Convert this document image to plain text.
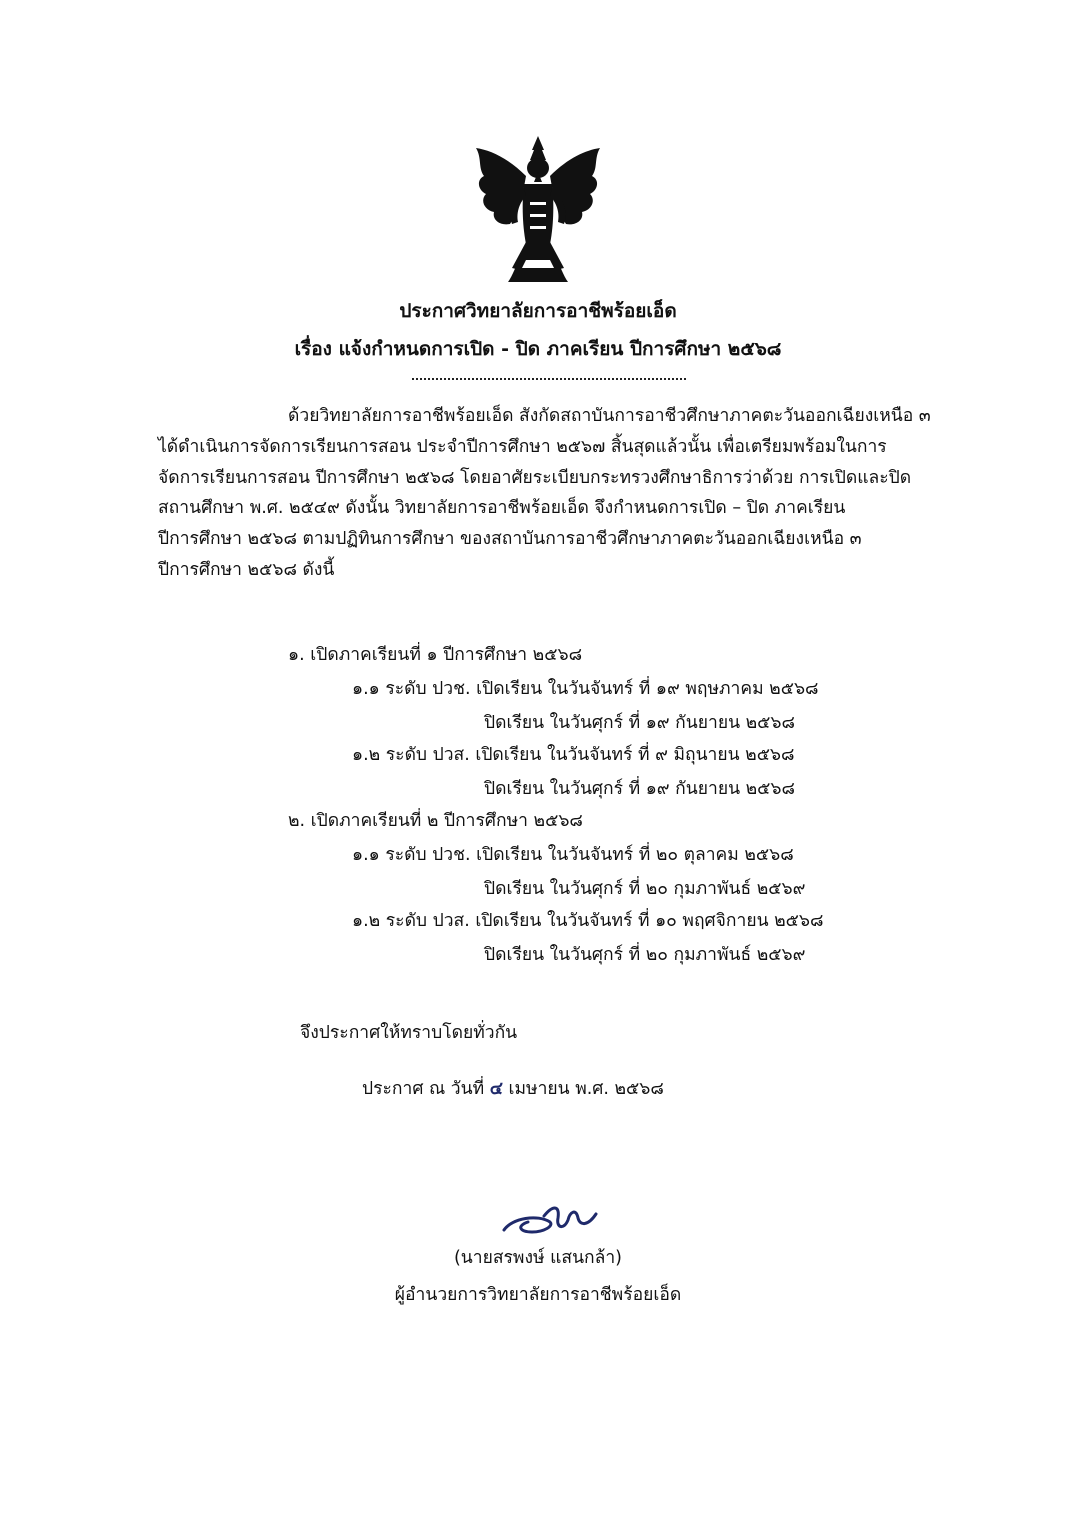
ประกาศวิทยาลัยการอาชีพร้อยเอ็ด
เรื่อง แจ้งกำหนดการเปิด - ปิด ภาคเรียน ปีการศึกษา ๒๕๖๘
ด้วยวิทยาลัยการอาชีพร้อยเอ็ด สังกัดสถาบันการอาชีวศึกษาภาคตะวันออกเฉียงเหนือ ๓
ได้ดำเนินการจัดการเรียนการสอน ประจำปีการศึกษา ๒๕๖๗ สิ้นสุดแล้วนั้น เพื่อเตรียมพร้อมในการ
จัดการเรียนการสอน ปีการศึกษา ๒๕๖๘ โดยอาศัยระเบียบกระทรวงศึกษาธิการว่าด้วย การเปิดและปิด
สถานศึกษา พ.ศ. ๒๕๔๙ ดังนั้น วิทยาลัยการอาชีพร้อยเอ็ด จึงกำหนดการเปิด – ปิด ภาคเรียน
ปีการศึกษา ๒๕๖๘ ตามปฏิทินการศึกษา ของสถาบันการอาชีวศึกษาภาคตะวันออกเฉียงเหนือ ๓
ปีการศึกษา ๒๕๖๘ ดังนี้
๑. เปิดภาคเรียนที่ ๑ ปีการศึกษา ๒๕๖๘
๑.๑ ระดับ ปวช. เปิดเรียน ในวันจันทร์ ที่ ๑๙ พฤษภาคม ๒๕๖๘
ปิดเรียน ในวันศุกร์ ที่ ๑๙ กันยายน ๒๕๖๘
๑.๒ ระดับ ปวส. เปิดเรียน ในวันจันทร์ ที่ ๙ มิถุนายน ๒๕๖๘
ปิดเรียน ในวันศุกร์ ที่ ๑๙ กันยายน ๒๕๖๘
๒. เปิดภาคเรียนที่ ๒ ปีการศึกษา ๒๕๖๘
๑.๑ ระดับ ปวช. เปิดเรียน ในวันจันทร์ ที่ ๒๐ ตุลาคม ๒๕๖๘
ปิดเรียน ในวันศุกร์ ที่ ๒๐ กุมภาพันธ์ ๒๕๖๙
๑.๒ ระดับ ปวส. เปิดเรียน ในวันจันทร์ ที่ ๑๐ พฤศจิกายน ๒๕๖๘
ปิดเรียน ในวันศุกร์ ที่ ๒๐ กุมภาพันธ์ ๒๕๖๙
จึงประกาศให้ทราบโดยทั่วกัน
ประกาศ ณ วันที่ ๔ เมษายน พ.ศ. ๒๕๖๘
(นายสรพงษ์ แสนกล้า)
ผู้อำนวยการวิทยาลัยการอาชีพร้อยเอ็ด
